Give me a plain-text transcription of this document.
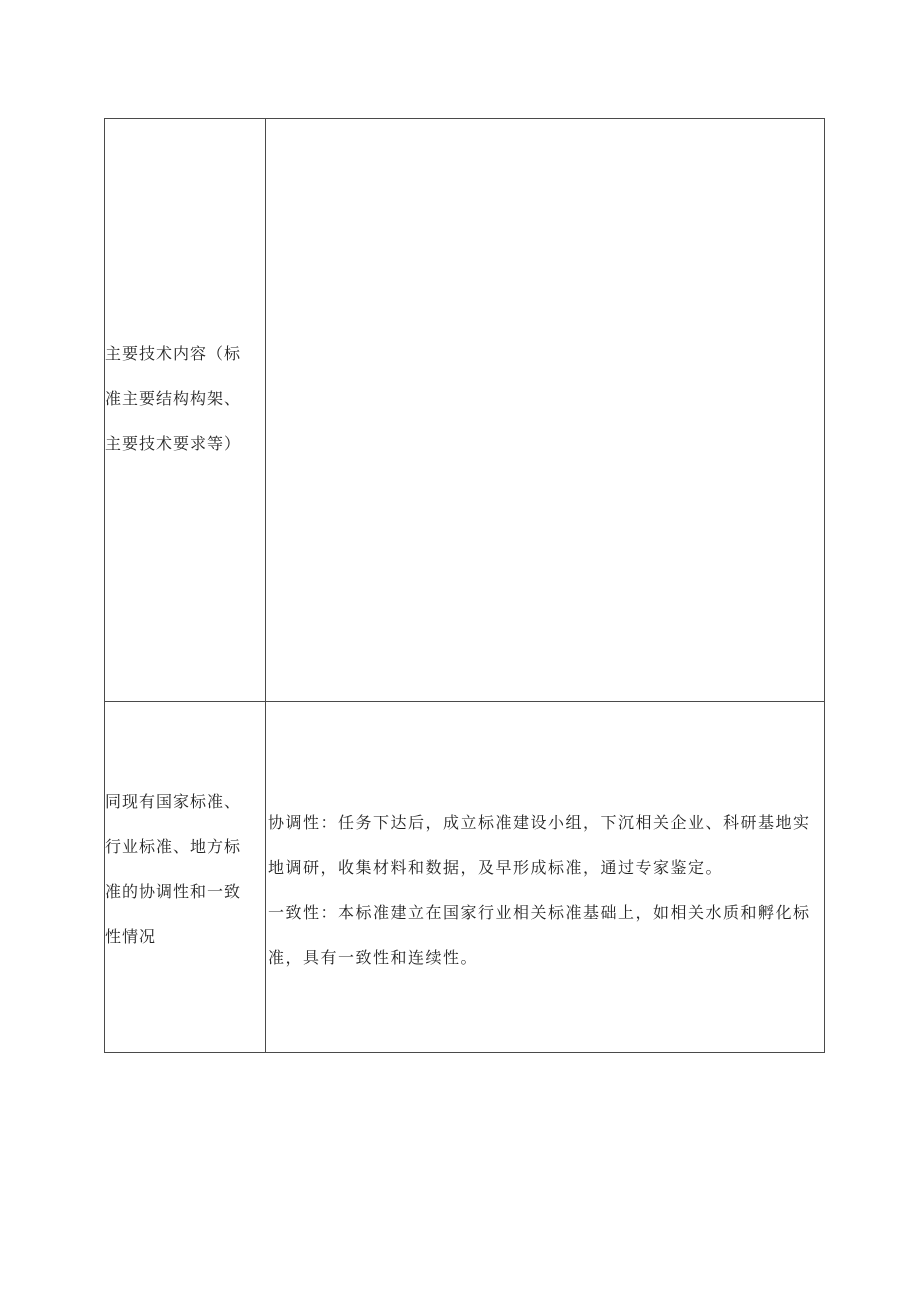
主要技术内容（标准主要结构构架、主要技术要求等）

同现有国家标准、行业标准、地方标准的协调性和一致性情况

协调性：任务下达后，成立标准建设小组，下沉相关企业、科研基地实地调研，收集材料和数据，及早形成标准，通过专家鉴定。

一致性：本标准建立在国家行业相关标准基础上，如相关水质和孵化标准，具有一致性和连续性。
